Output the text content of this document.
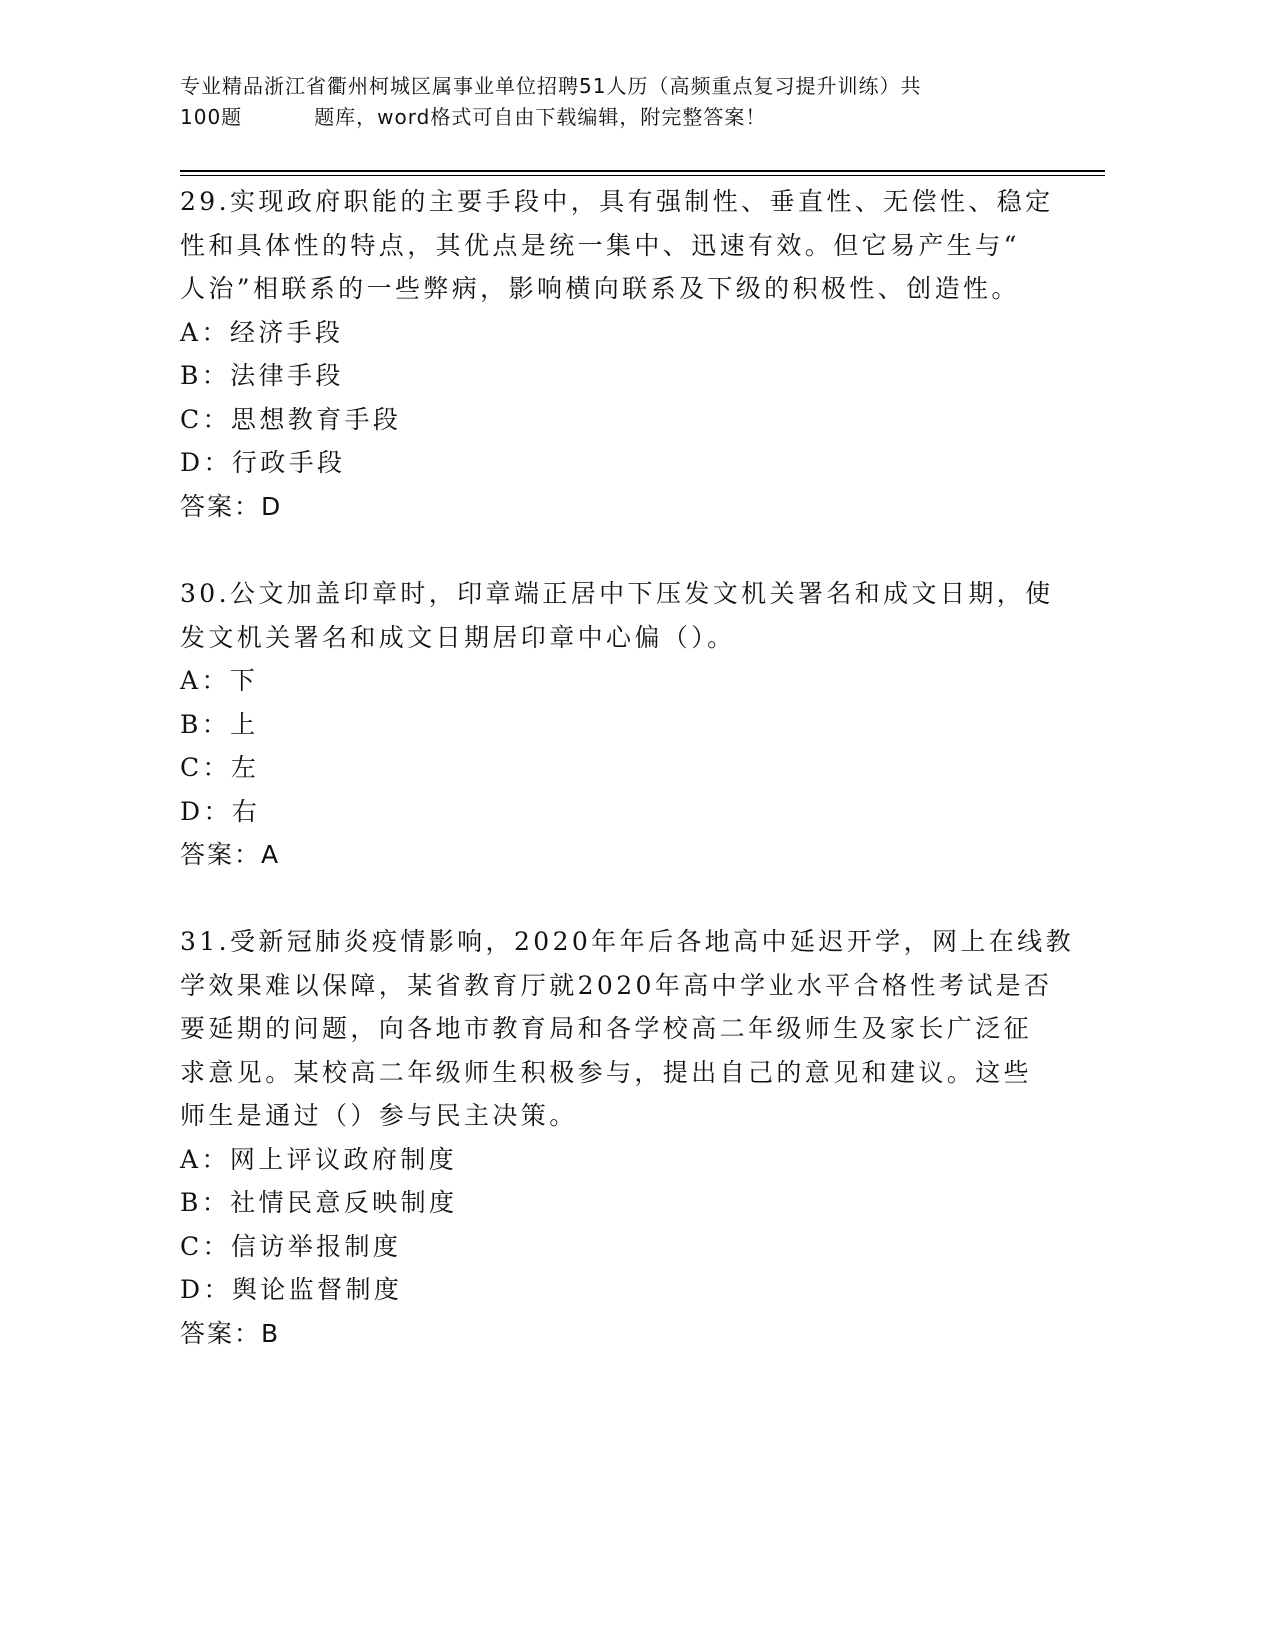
专业精品浙江省衢州柯城区属事业单位招聘51人历（高频重点复习提升训练）共
100题	题库，word格式可自由下载编辑，附完整答案！
29.实现政府职能的主要手段中，具有强制性、垂直性、无偿性、稳定
性和具体性的特点，其优点是统一集中、迅速有效。但它易产生与“
人治”相联系的一些弊病，影响横向联系及下级的积极性、创造性。
A：经济手段
B：法律手段
C：思想教育手段
D：行政手段
答案：D
30.公文加盖印章时，印章端正居中下压发文机关署名和成文日期，使
发文机关署名和成文日期居印章中心偏（）。
A：下
B：上
C：左
D：右
答案：A
31.受新冠肺炎疫情影响，2020年年后各地高中延迟开学，网上在线教
学效果难以保障，某省教育厅就2020年高中学业水平合格性考试是否
要延期的问题，向各地市教育局和各学校高二年级师生及家长广泛征
求意见。某校高二年级师生积极参与，提出自己的意见和建议。这些
师生是通过（）参与民主决策。
A：网上评议政府制度
B：社情民意反映制度
C：信访举报制度
D：舆论监督制度
答案：B
